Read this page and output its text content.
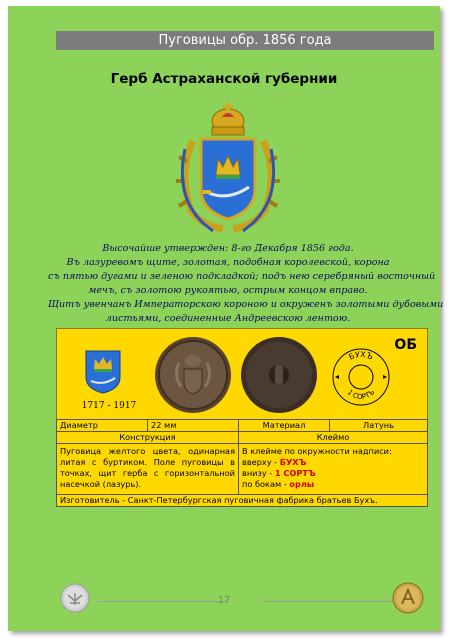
Пуговицы обр. 1856 года
Герб Астраханской губернии
Высочайше утвержден: 8-го Декабря 1856 года.
Въ лазуревомъ щите, золотая, подобная королевской, корона
съ пятью дугами и зеленою подкладкой; подъ нею серебряный восточный
мечъ, съ золотою рукоятью, острым концом вправо.
Щитъ увенчанъ Императорскою короною и окруженъ золотыми дубовыми
листьями, соединенные Андреевскою лентою.
1717 - 1917
БУХЪ
1 СОРТЪ
ОБ
Диаметр	22 мм	Материал	Латунь
Конструкция		Клеймо	
Пуговица желтого цвета, одинарная литая с буртиком. Поле пуговицы в точках, щит герба с горизонтальной насечкой (лазурь).		В клейме по окружности надписи:
вверху - БУХЪ
внизу - 1 СОРТЪ
по бокам - орлы	

Изготовитель - Санкт-Петербургская пуговичная фабрика братьев Бухъ.			
17
